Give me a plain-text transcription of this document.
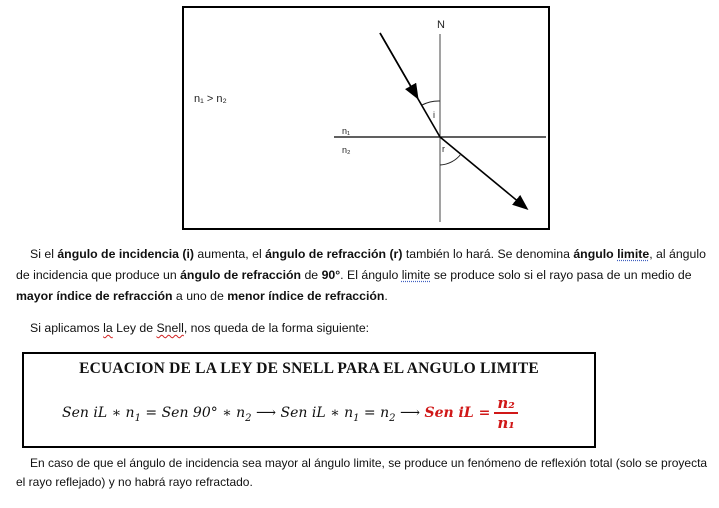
N
n₁ > n₂
n₁
n₂
i
r
Si el ángulo de incidencia (i) aumenta, el ángulo de refracción (r) también lo hará. Se denomina ángulo limite, al ángulo de incidencia que produce un ángulo de refracción de 90°. El ángulo limite se produce solo si el rayo pasa de un medio de mayor índice de refracción a uno de menor índice de refracción.
Si aplicamos la Ley de Snell, nos queda de la forma siguiente:
ECUACION DE LA LEY DE SNELL PARA EL ANGULO LIMITE
Sen iL ∗ $n_1$ = Sen 90° ∗ $n_2$ ⟶ Sen iL ∗ $n_1 = n_2$ ⟶ Sen iL = $\frac{\text{n₂}}{\text{n₁}}$
En caso de que el ángulo de incidencia sea mayor al ángulo limite, se produce un fenómeno de reflexión total (solo se proyecta el rayo reflejado) y no habrá rayo refractado.
